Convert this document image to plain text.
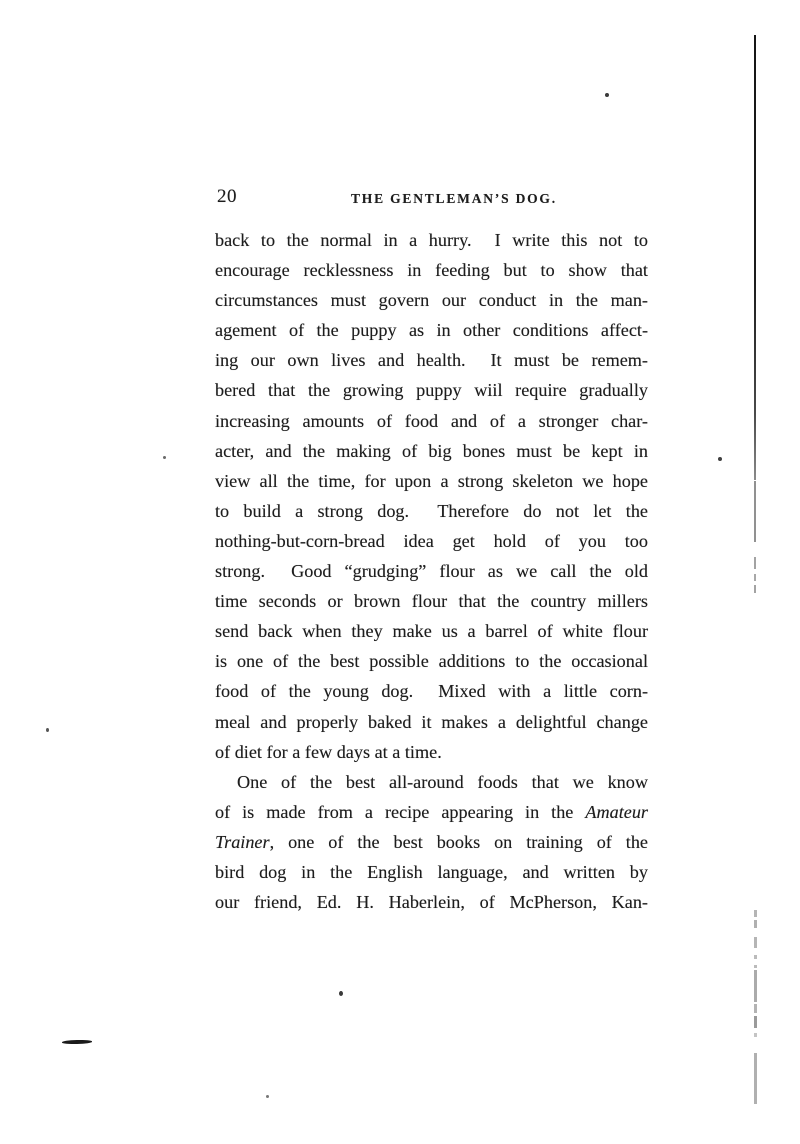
20	THE GENTLEMAN’S DOG.
back to the normal in a hurry.  I write this not to
encourage recklessness in feeding but to show that
circumstances must govern our conduct in the man-
agement of the puppy as in other conditions affect-
ing our own lives and health.  It must be remem-
bered that the growing puppy wiil require gradually
increasing amounts of food and of a stronger char-
acter, and the making of big bones must be kept in
view all the time, for upon a strong skeleton we hope
to build a strong dog.  Therefore do not let the
nothing-but-corn-bread idea get hold of you too
strong.  Good “grudging” flour as we call the old
time seconds or brown flour that the country millers
send back when they make us a barrel of white flour
is one of the best possible additions to the occasional
food of the young dog.  Mixed with a little corn-
meal and properly baked it makes a delightful change
of diet for a few days at a time.
One of the best all-around foods that we know
of is made from a recipe appearing in the Amateur
Trainer, one of the best books on training of the
bird dog in the English language, and written by
our friend, Ed. H. Haberlein, of McPherson, Kan-
